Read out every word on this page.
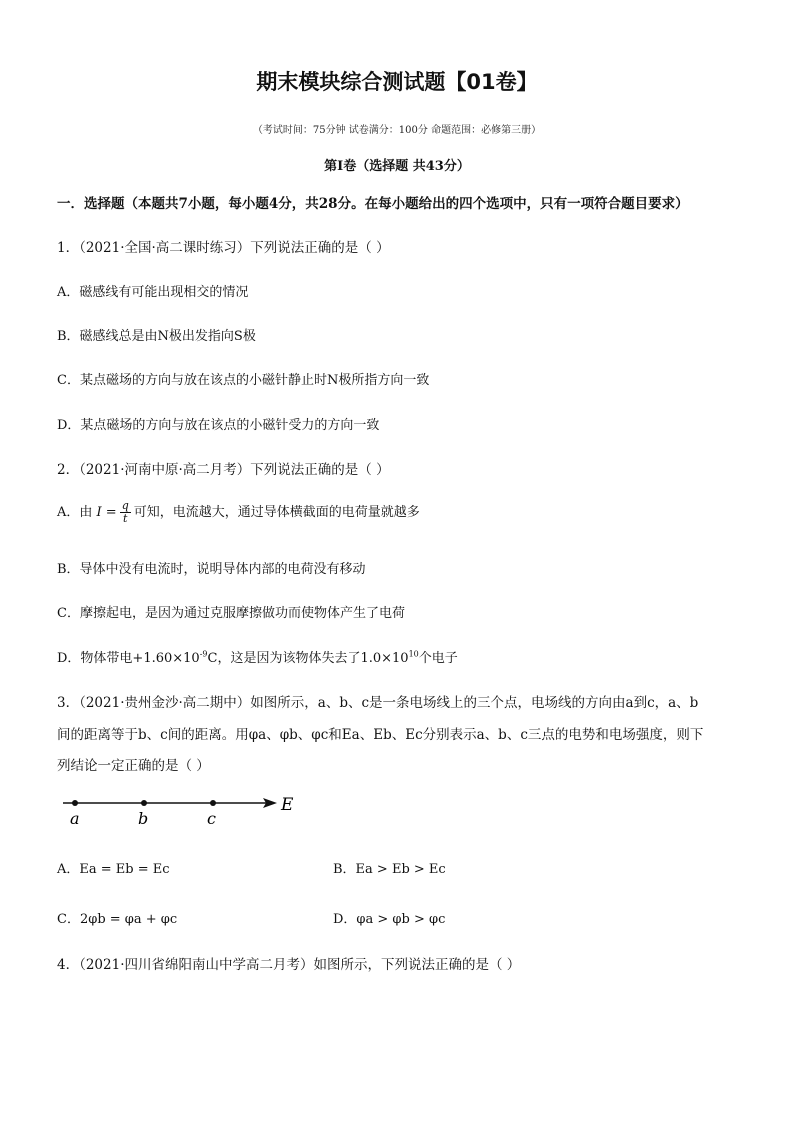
期末模块综合测试题【01卷】
（考试时间：75分钟 试卷满分：100分 命题范围：必修第三册）
第Ⅰ卷（选择题 共43分）
一．选择题（本题共7小题，每小题4分，共28分。在每小题给出的四个选项中，只有一项符合题目要求）
1．（2021·全国·高二课时练习）下列说法正确的是（ ）
A．磁感线有可能出现相交的情况
B．磁感线总是由N极出发指向S极
C．某点磁场的方向与放在该点的小磁针静止时N极所指方向一致
D．某点磁场的方向与放在该点的小磁针受力的方向一致
2．（2021·河南中原·高二月考）下列说法正确的是（ ）
A．由 $I = \frac{q}{t}$ 可知，电流越大，通过导体横截面的电荷量就越多
B．导体中没有电流时，说明导体内部的电荷没有移动
C．摩擦起电，是因为通过克服摩擦做功而使物体产生了电荷
D．物体带电$+1.60\times 10^{-9}C$，这是因为该物体失去了$1.0\times 10^{10}$个电子
3．（2021·贵州金沙·高二期中）如图所示，a、b、c是一条电场线上的三个点，电场线的方向由a到c，a、b
间的距离等于b、c间的距离。用φa、φb、φc和Ea、Eb、Ec分别表示a、b、c三点的电势和电场强度，则下
列结论一定正确的是（ ）
a	b	c
E
A．Ea = Eb = Ec	B．Ea > Eb > Ec
C．2φb = φa + φc	D．φa > φb > φc
4．（2021·四川省绵阳南山中学高二月考）如图所示，下列说法正确的是（ ）
